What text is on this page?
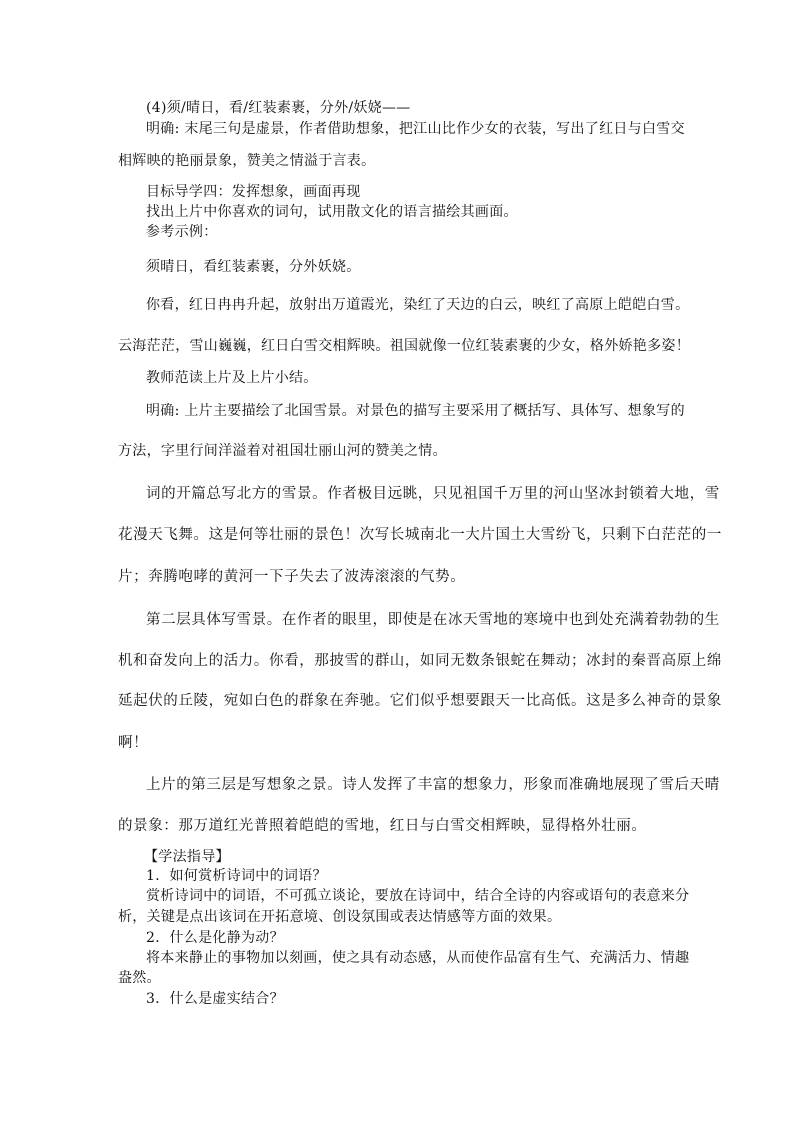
(4)须/晴日，看/红装素裹，分外/妖娆——

明确: 末尾三句是虚景，作者借助想象，把江山比作少女的衣装，写出了红日与白雪交

相辉映的艳丽景象，赞美之情溢于言表。

目标导学四：发挥想象，画面再现

找出上片中你喜欢的词句，试用散文化的语言描绘其画面。

参考示例：

须晴日，看红装素裹，分外妖娆。

你看，红日冉冉升起，放射出万道霞光，染红了天边的白云，映红了高原上皑皑白雪。

云海茫茫，雪山巍巍，红日白雪交相辉映。祖国就像一位红装素裹的少女，格外娇艳多姿！

教师范读上片及上片小结。

明确: 上片主要描绘了北国雪景。对景色的描写主要采用了概括写、具体写、想象写的

方法，字里行间洋溢着对祖国壮丽山河的赞美之情。

词的开篇总写北方的雪景。作者极目远眺，只见祖国千万里的河山坚冰封锁着大地，雪

花漫天飞舞。这是何等壮丽的景色！次写长城南北一大片国土大雪纷飞，只剩下白茫茫的一

片；奔腾咆哮的黄河一下子失去了波涛滚滚的气势。

第二层具体写雪景。在作者的眼里，即使是在冰天雪地的寒境中也到处充满着勃勃的生

机和奋发向上的活力。你看，那披雪的群山，如同无数条银蛇在舞动；冰封的秦晋高原上绵

延起伏的丘陵，宛如白色的群象在奔驰。它们似乎想要跟天一比高低。这是多么神奇的景象

啊！

上片的第三层是写想象之景。诗人发挥了丰富的想象力，形象而准确地展现了雪后天晴

的景象：那万道红光普照着皑皑的雪地，红日与白雪交相辉映，显得格外壮丽。

【学法指导】

1．如何赏析诗词中的词语？

赏析诗词中的词语，不可孤立谈论，要放在诗词中，结合全诗的内容或语句的表意来分

析，关键是点出该词在开拓意境、创设氛围或表达情感等方面的效果。

2．什么是化静为动？

将本来静止的事物加以刻画，使之具有动态感，从而使作品富有生气、充满活力、情趣

盎然。

3．什么是虚实结合？
